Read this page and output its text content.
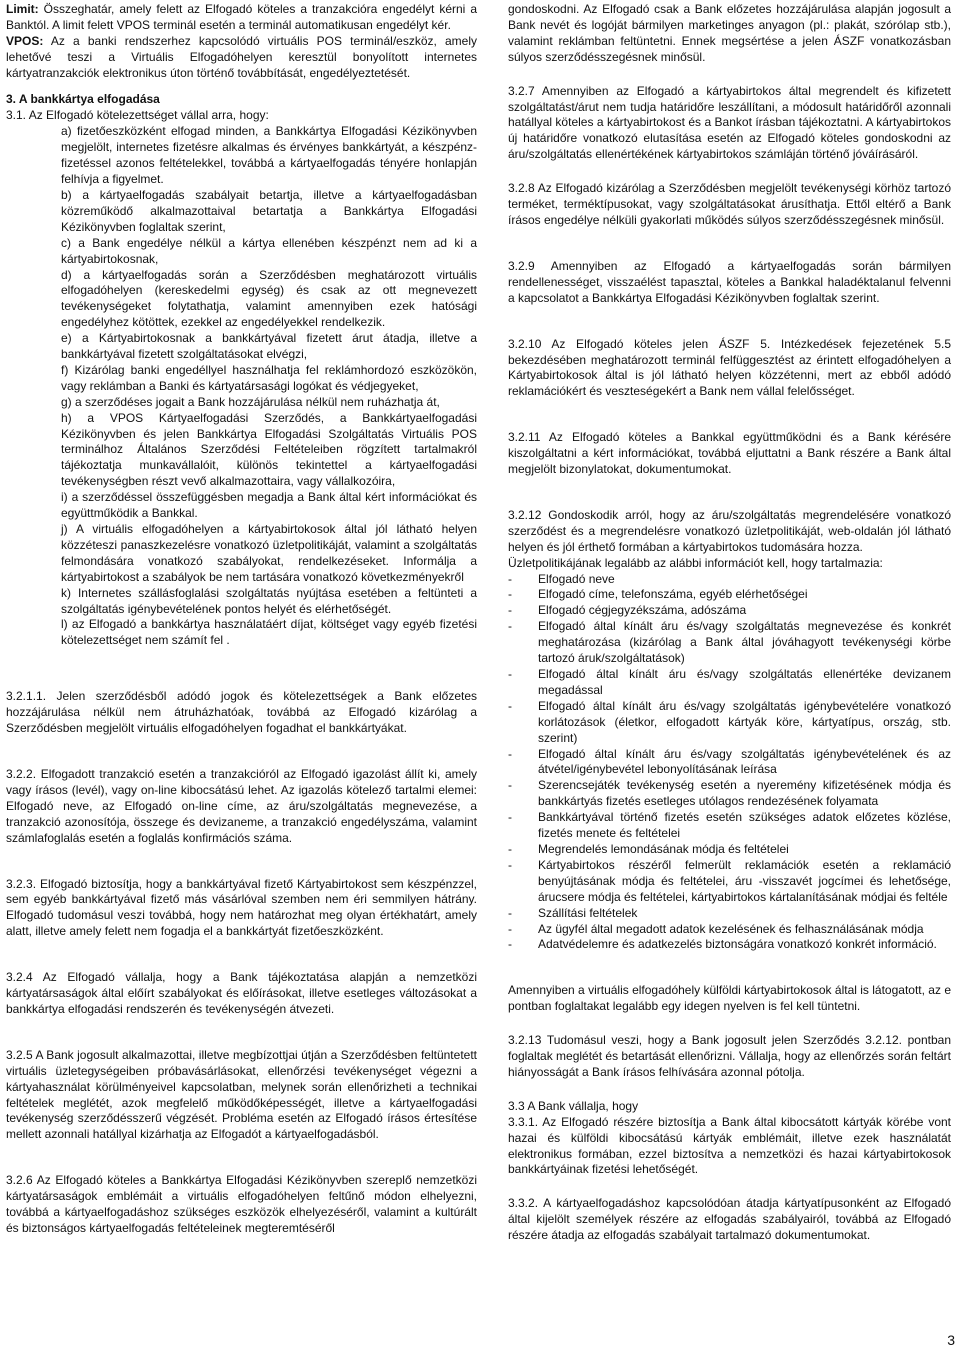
Limit: Összeghatár, amely felett az Elfogadó köteles a tranzakcióra engedélyt kérni a Banktól. A limit felett VPOS terminál esetén a terminál automatikusan engedélyt kér.

VPOS: Az a banki rendszerhez kapcsolódó virtuális POS terminál/eszköz, amely lehetővé teszi a Virtuális Elfogadóhelyen keresztül bonyolított internetes kártyatranzakciók elektronikus úton történő továbbítását, engedélyeztetését.

3. A bankkártya elfogadása

3.1. Az Elfogadó kötelezettséget vállal arra, hogy:

a) fizetőeszközként elfogad minden, a Bankkártya Elfogadási Kézikönyvben megjelölt, internetes fizetésre alkalmas és érvényes bankkártyát, a készpénz-fizetéssel azonos feltételekkel, továbbá a kártyaelfogadás tényére honlapján felhívja a figyelmet.

b) a kártyaelfogadás szabályait betartja, illetve a kártyaelfogadásban közreműködő alkalmazottaival betartatja a Bankkártya Elfogadási Kézikönyvben foglaltak szerint,

c) a Bank engedélye nélkül a kártya ellenében készpénzt nem ad ki a kártyabirtokosnak,

d) a kártyaelfogadás során a Szerződésben meghatározott virtuális elfogadóhelyen (kereskedelmi egység) és csak az ott megnevezett tevékenységeket folytathatja, valamint amennyiben ezek hatósági engedélyhez kötöttek, ezekkel az engedélyekkel rendelkezik.

e) a Kártyabirtokosnak a bankkártyával fizetett árut átadja, illetve a bankkártyával fizetett szolgáltatásokat elvégzi,

f) Kizárólag banki engedéllyel használhatja fel reklámhordozó eszközökön, vagy reklámban a Banki és kártyatársasági logókat és védjegyeket,

g) a szerződéses jogait a Bank hozzájárulása nélkül nem ruházhatja át,

h) a VPOS Kártyaelfogadási Szerződés, a Bankkártyaelfogadási Kézikönyvben és jelen Bankkártya Elfogadási Szolgáltatás Virtuális POS terminálhoz Általános Szerződési Feltételeiben rögzített tartalmakról tájékoztatja munkavállalóit, különös tekintettel a kártyaelfogadási tevékenységben részt vevő alkalmazottaira, vagy vállalkozóira,

i) a szerződéssel összefüggésben megadja a Bank által kért információkat és együttműködik a Bankkal.

j) A virtuális elfogadóhelyen a kártyabirtokosok által jól látható helyen közzéteszi panaszkezelésre vonatkozó üzletpolitikáját, valamint a szolgáltatás felmondására vonatkozó szabályokat, rendelkezéseket. Informálja a kártyabirtokost a szabályok be nem tartására vonatkozó következményekről

k) Internetes szállásfoglalási szolgáltatás nyújtása esetében a feltünteti a szolgáltatás igénybevételének pontos helyét és elérhetőségét.

l) az Elfogadó a bankkártya használatáért díjat, költséget vagy egyéb fizetési kötelezettséget nem számít fel .

3.2.1.1. Jelen szerződésből adódó jogok és kötelezettségek a Bank előzetes hozzájárulása nélkül nem átruházhatóak, továbbá az Elfogadó kizárólag a Szerződésben megjelölt virtuális elfogadóhelyen fogadhat el bankkártyákat.

3.2.2. Elfogadott tranzakció esetén a tranzakcióról az Elfogadó igazolást állít ki, amely vagy írásos (levél), vagy on-line kibocsátású lehet. Az igazolás kötelező tartalmi elemei: Elfogadó neve, az Elfogadó on-line címe, az áru/szolgáltatás megnevezése, a tranzakció azonosítója, összege és devizaneme, a tranzakció engedélyszáma, valamint számlafoglalás esetén a foglalás konfirmációs száma.

3.2.3. Elfogadó biztosítja, hogy a bankkártyával fizető Kártyabirtokost sem készpénzzel, sem egyéb bankkártyával fizető más vásárlóval szemben nem éri semmilyen hátrány. Elfogadó tudomásul veszi továbbá, hogy nem határozhat meg olyan értékhatárt, amely alatt, illetve amely felett nem fogadja el a bankkártyát fizetőeszközként.

3.2.4 Az Elfogadó vállalja, hogy a Bank tájékoztatása alapján a nemzetközi kártyatársaságok által előírt szabályokat és előírásokat, illetve esetleges változásokat a bankkártya elfogadási rendszerén és tevékenységén átvezeti.

3.2.5 A Bank jogosult alkalmazottai, illetve megbízottjai útján a Szerződésben feltüntetett virtuális üzletegységeiben próbavásárlásokat, ellenőrzési tevékenységet végezni a kártyahasználat körülményeivel kapcsolatban, melynek során ellenőrizheti a technikai feltételek meglétét, azok megfelelő működőképességét, illetve a kártyaelfogadási tevékenység szerződésszerű végzését. Probléma esetén az Elfogadó írásos értesítése mellett azonnali hatállyal kizárhatja az Elfogadót a kártyaelfogadásból.

3.2.6 Az Elfogadó köteles a Bankkártya Elfogadási Kézikönyvben szereplő nemzetközi kártyatársaságok emblémáit a virtuális elfogadóhelyen feltűnő módon elhelyezni, továbbá a kártyaelfogadáshoz szükséges eszközök elhelyezéséről, valamint a kultúrált és biztonságos kártyaelfogadás feltételeinek megteremtéséről

gondoskodni. Az Elfogadó csak a Bank előzetes hozzájárulása alapján jogosult a Bank nevét és logóját bármilyen marketinges anyagon (pl.: plakát, szórólap stb.), valamint reklámban feltüntetni. Ennek megsértése a jelen ÁSZF vonatkozásban súlyos szerződésszegésnek minősül.

3.2.7 Amennyiben az Elfogadó a kártyabirtokos által megrendelt és kifizetett szolgáltatást/árut nem tudja határidőre leszállítani, a módosult határidőről azonnali hatállyal köteles a kártyabirtokost és a Bankot írásban tájékoztatni. A kártyabirtokos új határidőre vonatkozó elutasítása esetén az Elfogadó köteles gondoskodni az áru/szolgáltatás ellenértékének kártyabirtokos számláján történő jóváírásáról.

3.2.8 Az Elfogadó kizárólag a Szerződésben megjelölt tevékenységi körhöz tartozó terméket, terméktípusokat, vagy szolgáltatásokat árusíthatja. Ettől eltérő a Bank írásos engedélye nélküli gyakorlati működés súlyos szerződésszegésnek minősül.

3.2.9 Amennyiben az Elfogadó a kártyaelfogadás során bármilyen rendellenességet, visszaélést tapasztal, köteles a Bankkal haladéktalanul felvenni a kapcsolatot a Bankkártya Elfogadási Kézikönyvben foglaltak szerint.

3.2.10 Az Elfogadó köteles jelen ÁSZF 5. Intézkedések fejezetének 5.5 bekezdésében meghatározott terminál felfüggesztést az érintett elfogadóhelyen a Kártyabirtokosok által is jól látható helyen közzétenni, mert az ebből adódó reklamációkért és veszteségekért a Bank nem vállal felelősséget.

3.2.11 Az Elfogadó köteles a Bankkal együttműködni és a Bank kérésére kiszolgáltatni a kért információkat, továbbá eljuttatni a Bank részére a Bank által megjelölt bizonylatokat, dokumentumokat.

3.2.12 Gondoskodik arról, hogy az áru/szolgáltatás megrendelésére vonatkozó szerződést és a megrendelésre vonatkozó üzletpolitikáját, web-oldalán jól látható helyen és jól érthető formában a kártyabirtokos tudomására hozza.

Üzletpolitikájának legalább az alábbi információt kell, hogy tartalmazia:

- Elfogadó neve

- Elfogadó címe, telefonszáma, egyéb elérhetőségei

- Elfogadó cégjegyzékszáma, adószáma

- Elfogadó által kínált áru és/vagy szolgáltatás megnevezése és konkrét meghatározása (kizárólag a Bank által jóváhagyott tevékenységi körbe tartozó áruk/szolgáltatások)

- Elfogadó által kínált áru és/vagy szolgáltatás ellenértéke devizanem megadással

- Elfogadó által kínált áru és/vagy szolgáltatás igénybevételére vonatkozó korlátozások (életkor, elfogadott kártyák köre, kártyatípus, ország, stb. szerint)

- Elfogadó által kínált áru és/vagy szolgáltatás igénybevételének és az átvétel/igénybevétel lebonyolításának leírása

- Szerencsejáték tevékenység esetén a nyeremény kifizetésének módja és bankkártyás fizetés esetleges utólagos rendezésének folyamata

- Bankkártyával történő fizetés esetén szükséges adatok előzetes közlése, fizetés menete és feltételei

- Megrendelés lemondásának módja és feltételei

- Kártyabirtokos részéről felmerült reklamációk esetén a reklamáció benyújtásának módja és feltételei, áru -visszavét jogcímei és lehetősége, árucsere módja és feltételei, kártyabirtokos kártalanításának módjai és feltéle

- Szállítási feltételek

- Az ügyfél által megadott adatok kezelésének és felhasználásának módja

- Adatvédelemre és adatkezelés biztonságára vonatkozó konkrét információ.

Amennyiben a virtuális elfogadóhely külföldi kártyabirtokosok által is látogatott, az e pontban foglaltakat legalább egy idegen nyelven is fel kell tüntetni.

3.2.13 Tudomásul veszi, hogy a Bank jogosult jelen Szerződés 3.2.12. pontban foglaltak meglétét és betartását ellenőrizni. Vállalja, hogy az ellenőrzés során feltárt hiányosságát a Bank írásos felhívására azonnal pótolja.

3.3 A Bank vállalja, hogy

3.3.1. Az Elfogadó részére biztosítja a Bank által kibocsátott kártyák körébe vont hazai és külföldi kibocsátású kártyák emblémáit, illetve ezek használatát elektronikus formában, ezzel biztosítva a nemzetközi és hazai kártyabirtokosok bankkártyáinak fizetési lehetőségét.

3.3.2. A kártyaelfogadáshoz kapcsolódóan átadja kártyatípusonként az Elfogadó által kijelölt személyek részére az elfogadás szabályairól, továbbá az Elfogadó részére átadja az elfogadás szabályait tartalmazó dokumentumokat.

3
